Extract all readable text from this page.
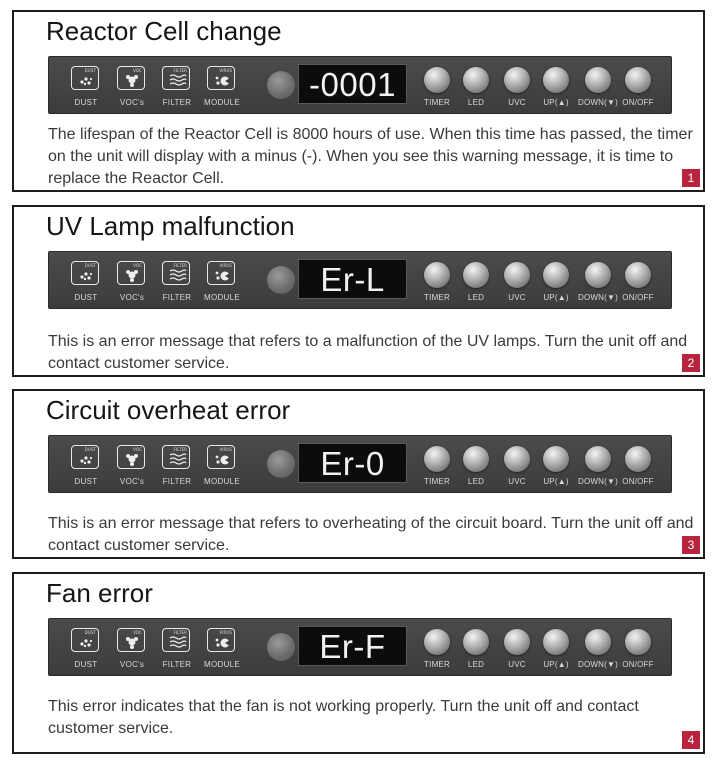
Reactor Cell change
DUST
DUST
VOC
VOC's
FILTER
FILTER
VIRUS
MODULE	-0001	TIMER LED	UVC UP(▲) DOWN(▼) ON/OFF
The lifespan of the Reactor Cell is 8000 hours of use. When this time has passed, the timer on the unit will display with a minus (-). When you see this warning message, it is time to replace the Reactor Cell.	1
UV Lamp malfunction
DUST
DUST
VOC
VOC's
FILTER
FILTER
VIRUS
MODULE	Er-L	TIMER LED	UVC UP(▲) DOWN(▼) ON/OFF
This is an error message that refers to a malfunction of the UV lamps. Turn the unit off and contact customer service.	2
Circuit overheat error
DUST
DUST
VOC
VOC's
FILTER
FILTER
VIRUS
MODULE	Er-0	TIMER LED	UVC UP(▲) DOWN(▼) ON/OFF
This is an error message that refers to overheating of the circuit board. Turn the unit off and contact customer service.	3
Fan error
DUST
DUST
VOC
VOC's
FILTER
FILTER
VIRUS
MODULE	Er-F	TIMER LED	UVC UP(▲) DOWN(▼) ON/OFF
This error indicates that the fan is not working properly. Turn the unit off and contact customer service.
4
